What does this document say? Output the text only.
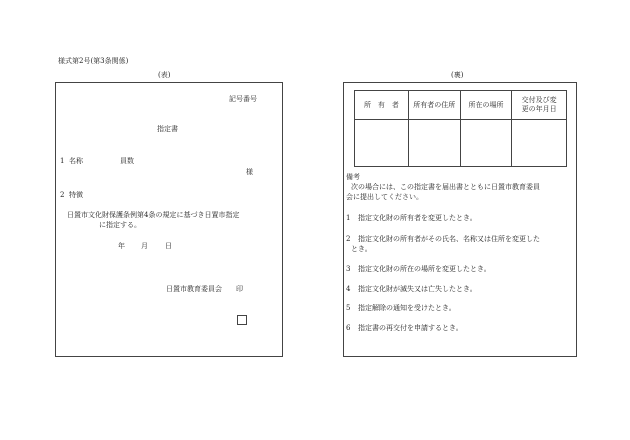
様式第2号(第3条関係)
(表)
記号番号
指定書
1 名称	員数
様
2 特徴
日置市文化財保護条例第4条の規定に基づき日置市指定
に指定する。
年 月 日
日置市教育委員会 印
(裏)
所　有　者	所有者の住所	所在の場所	交付及び変
更の年月日

備考
次の場合には、この指定書を届出書とともに日置市教育委員
会に提出してください。
1 指定文化財の所有者を変更したとき。
2 指定文化財の所有者がその氏名、名称又は住所を変更した
とき。
3 指定文化財の所在の場所を変更したとき。
4 指定文化財が滅失又は亡失したとき。
5 指定解除の通知を受けたとき。
6 指定書の再交付を申請するとき。
